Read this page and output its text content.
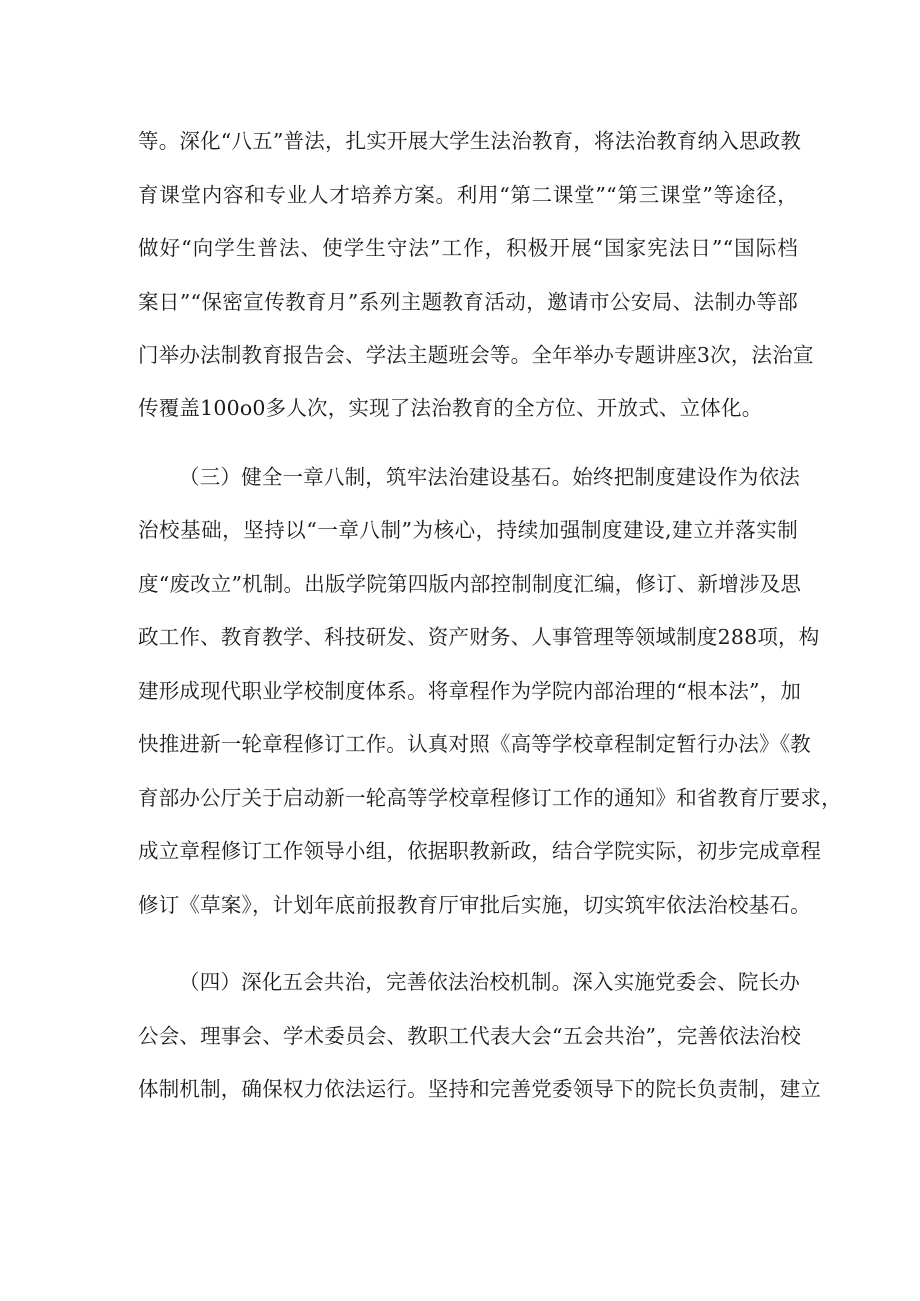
等。深化“八五”普法，扎实开展大学生法治教育，将法治教育纳入思政教
育课堂内容和专业人才培养方案。利用“第二课堂”“第三课堂”等途径，
做好“向学生普法、使学生守法”工作，积极开展“国家宪法日”“国际档
案日”“保密宣传教育月”系列主题教育活动，邀请市公安局、法制办等部
门举办法制教育报告会、学法主题班会等。全年举办专题讲座3次，法治宣
传覆盖100o0多人次，实现了法治教育的全方位、开放式、立体化。
（三）健全一章八制，筑牢法治建设基石。始终把制度建设作为依法
治校基础，坚持以“一章八制”为核心，持续加强制度建设,建立并落实制
度“废改立”机制。出版学院第四版内部控制制度汇编，修订、新增涉及思
政工作、教育教学、科技研发、资产财务、人事管理等领域制度288项，构
建形成现代职业学校制度体系。将章程作为学院内部治理的“根本法”，加
快推进新一轮章程修订工作。认真对照《高等学校章程制定暂行办法》《教
育部办公厅关于启动新一轮高等学校章程修订工作的通知》和省教育厅要求，
成立章程修订工作领导小组，依据职教新政，结合学院实际，初步完成章程
修订《草案》，计划年底前报教育厅审批后实施，切实筑牢依法治校基石。
（四）深化五会共治，完善依法治校机制。深入实施党委会、院长办
公会、理事会、学术委员会、教职工代表大会“五会共治”，完善依法治校
体制机制，确保权力依法运行。坚持和完善党委领导下的院长负责制，建立
